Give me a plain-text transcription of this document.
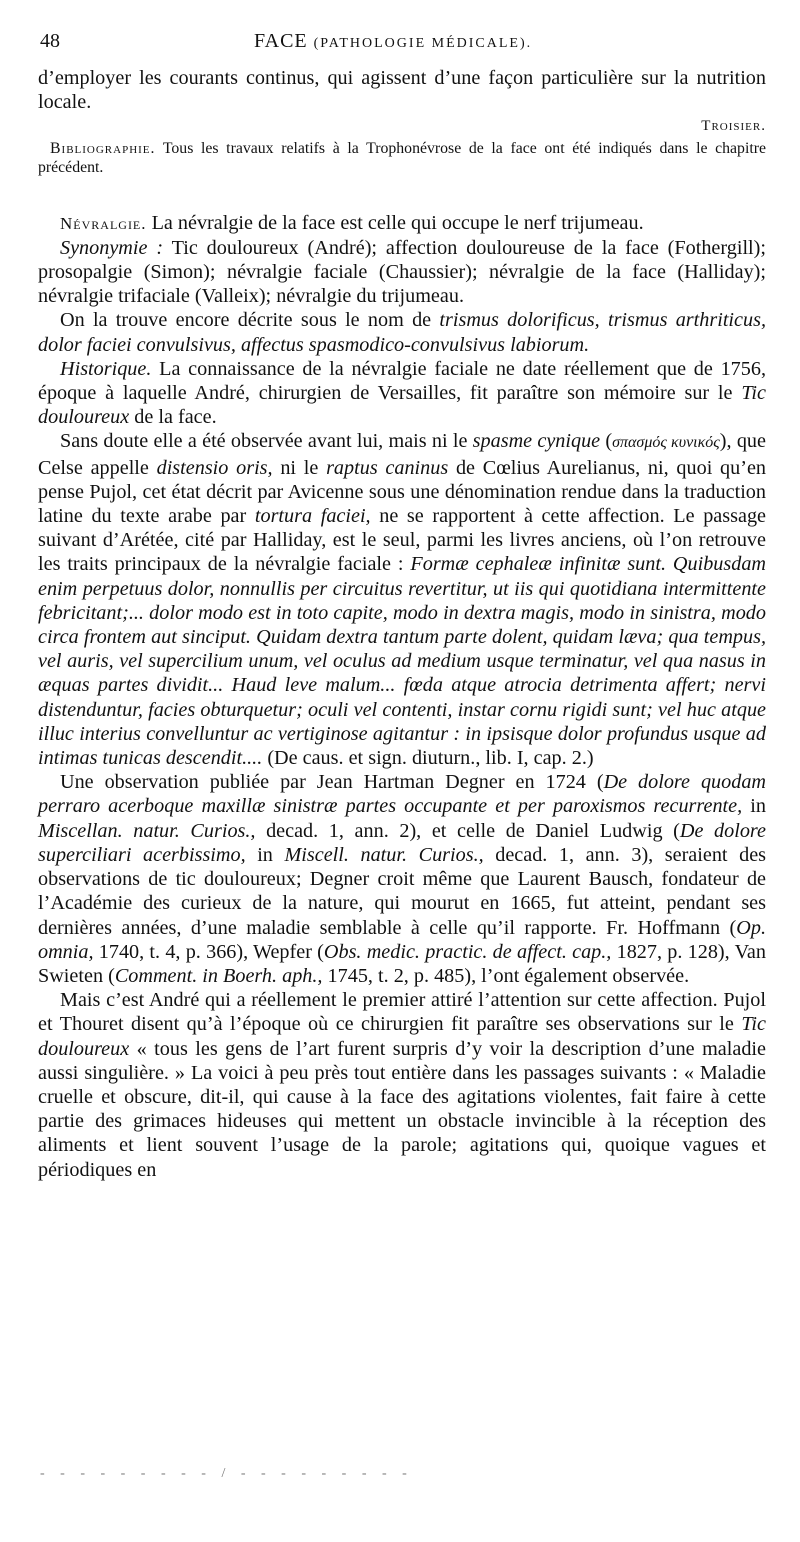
48	FACE (PATHOLOGIE MÉDICALE).

d’employer les courants continus, qui agissent d’une façon particulière sur la nutrition locale.

Troisier.

Bibliographie. Tous les travaux relatifs à la Trophonévrose de la face ont été indiqués dans le chapitre précédent.

Névralgie. La névralgie de la face est celle qui occupe le nerf trijumeau.

Synonymie : Tic douloureux (André); affection douloureuse de la face (Fothergill); prosopalgie (Simon); névralgie faciale (Chaussier); névralgie de la face (Halliday); névralgie trifaciale (Valleix); névralgie du trijumeau.

On la trouve encore décrite sous le nom de trismus dolorificus, trismus arthriticus, dolor faciei convulsivus, affectus spasmodico-convulsivus labiorum.

Historique. La connaissance de la névralgie faciale ne date réellement que de 1756, époque à laquelle André, chirurgien de Versailles, fit paraître son mémoire sur le Tic douloureux de la face.

Sans doute elle a été observée avant lui, mais ni le spasme cynique (σπασμός κυνικός), que Celse appelle distensio oris, ni le raptus caninus de Cœlius Aurelianus, ni, quoi qu’en pense Pujol, cet état décrit par Avicenne sous une dénomination rendue dans la traduction latine du texte arabe par tortura faciei, ne se rapportent à cette affection. Le passage suivant d’Arétée, cité par Halliday, est le seul, parmi les livres anciens, où l’on retrouve les traits principaux de la névralgie faciale : Formæ cephaleæ infinitæ sunt. Quibusdam enim perpetuus dolor, nonnullis per circuitus revertitur, ut iis qui quotidiana intermittente febricitant;... dolor modo est in toto capite, modo in dextra magis, modo in sinistra, modo circa frontem aut sinciput. Quidam dextra tantum parte dolent, quidam læva; qua tempus, vel auris, vel supercilium unum, vel oculus ad medium usque terminatur, vel qua nasus in æquas partes dividit... Haud leve malum... fœda atque atrocia detrimenta affert; nervi distenduntur, facies obturquetur; oculi vel contenti, instar cornu rigidi sunt; vel huc atque illuc interius convelluntur ac vertiginose agitantur : in ipsisque dolor profundus usque ad intimas tunicas descendit.... (De caus. et sign. diuturn., lib. I, cap. 2.)

Une observation publiée par Jean Hartman Degner en 1724 (De dolore quodam perraro acerboque maxillæ sinistræ partes occupante et per paroxismos recurrente, in Miscellan. natur. Curios., decad. 1, ann. 2), et celle de Daniel Ludwig (De dolore superciliari acerbissimo, in Miscell. natur. Curios., decad. 1, ann. 3), seraient des observations de tic douloureux; Degner croit même que Laurent Bausch, fondateur de l’Académie des curieux de la nature, qui mourut en 1665, fut atteint, pendant ses dernières années, d’une maladie semblable à celle qu’il rapporte. Fr. Hoffmann (Op. omnia, 1740, t. 4, p. 366), Wepfer (Obs. medic. practic. de affect. cap., 1827, p. 128), Van Swieten (Comment. in Boerh. aph., 1745, t. 2, p. 485), l’ont également observée.

Mais c’est André qui a réellement le premier attiré l’attention sur cette affection. Pujol et Thouret disent qu’à l’époque où ce chirurgien fit paraître ses observations sur le Tic douloureux « tous les gens de l’art furent surpris d’y voir la description d’une maladie aussi singulière. » La voici à peu près tout entière dans les passages suivants : « Maladie cruelle et obscure, dit-il, qui cause à la face des agitations violentes, fait faire à cette partie des grimaces hideuses qui mettent un obstacle invincible à la réception des aliments et lient souvent l’usage de la parole; agitations qui, quoique vagues et périodiques en

- - - - - - - - - / - - - - - - - - -
